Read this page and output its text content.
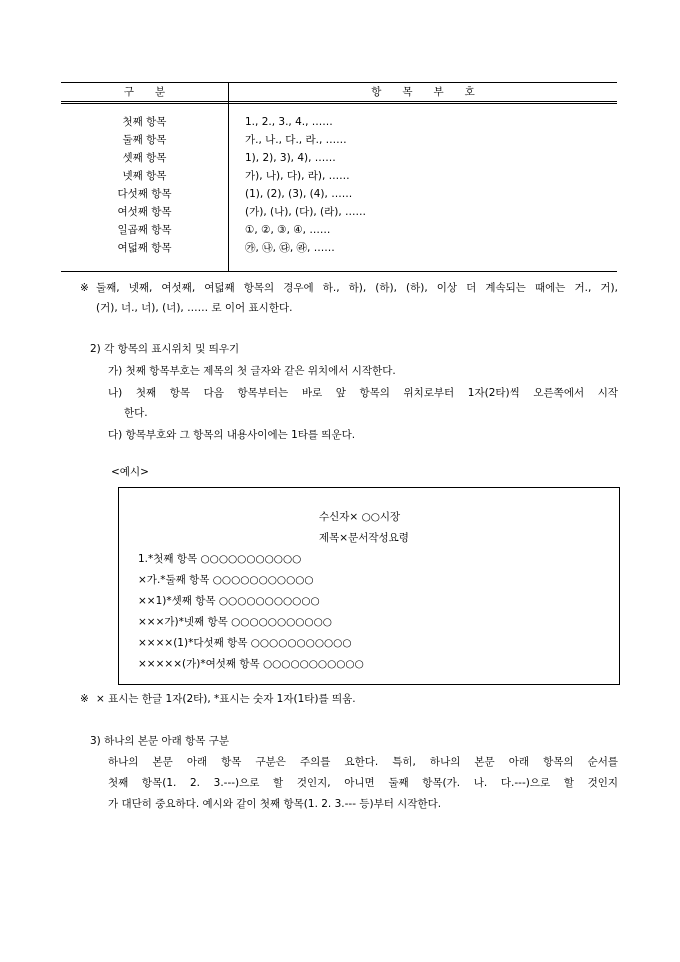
구　　분	항　　목　　부　　호
첫째 항목	1., 2., 3., 4., ……
둘째 항목	가., 나., 다., 라., ……
셋째 항목	1), 2), 3), 4), ……
넷째 항목	가), 나), 다), 라), ……
다섯째 항목	(1), (2), (3), (4), ……
여섯째 항목	(가), (나), (다), (라), ……
일곱째 항목	①, ②, ③, ④, ……
여덟째 항목	㉮, ㉯, ㉰, ㉱, ……
※ 둘째, 넷째, 여섯째, 여덟째 항목의 경우에 하., 하), (하), (하), 이상 더 계속되는 때에는 거., 거),
(거), 너., 너), (너), …… 로 이어 표시한다.
2) 각 항목의 표시위치 및 띄우기
가) 첫째 항목부호는 제목의 첫 글자와 같은 위치에서 시작한다.
나) 첫째 항목 다음 항목부터는 바로 앞 항목의 위치로부터 1자(2타)씩 오른쪽에서 시작
한다.
다) 항목부호와 그 항목의 내용사이에는 1타를 띄운다.
<예시>
수신자× ○○시장
제목×문서작성요령
1.*첫째 항목 ○○○○○○○○○○○
×가.*둘째 항목 ○○○○○○○○○○○
××1)*셋째 항목 ○○○○○○○○○○○
×××가)*넷째 항목 ○○○○○○○○○○○
××××(1)*다섯째 항목 ○○○○○○○○○○○
×××××(가)*여섯째 항목 ○○○○○○○○○○○
※ × 표시는 한글 1자(2타), *표시는 숫자 1자(1타)를 띄움.
3) 하나의 본문 아래 항목 구분
하나의 본문 아래 항목 구분은 주의를 요한다. 특히, 하나의 본문 아래 항목의 순서를
첫째 항목(1. 2. 3.---)으로 할 것인지, 아니면 둘째 항목(가. 나. 다.---)으로 할 것인지
가 대단히 중요하다. 예시와 같이 첫째 항목(1. 2. 3.--- 등)부터 시작한다.
